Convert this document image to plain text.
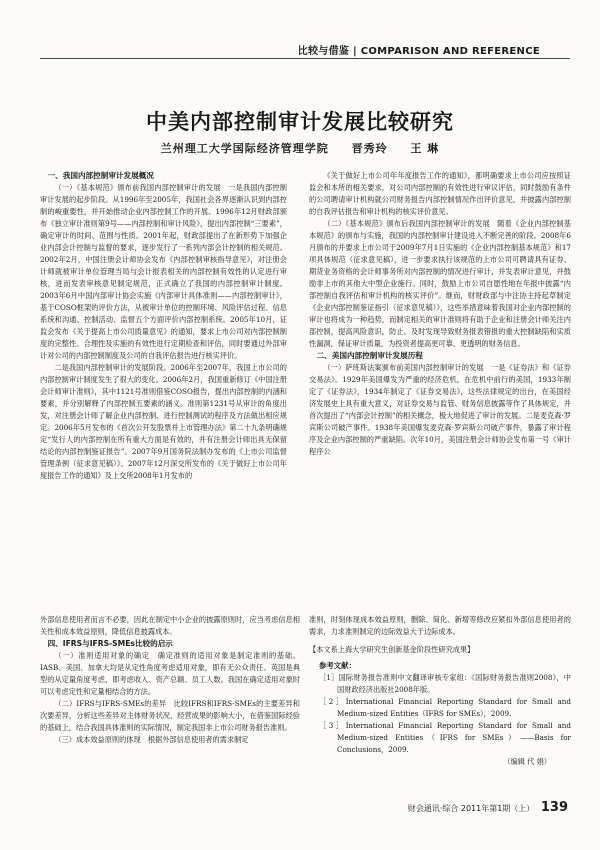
比较与借鉴 | COMPARISON AND REFERENCE
中美内部控制审计发展比较研究
兰州理工大学国际经济管理学院 晋秀玲 王 琳
一、我国内部控制审计发展概况

（一）《基本规范》颁布前我国内部控制审计的发展　一是我国内部控制审计发展的起步阶段。从1996年至2005年，我国社会各界逐渐认识到内部控制的峻重要性，并开始推动企业内部控制工作的开展。1996年12月财政部颁布《独立审计准则第9号——内部控制和审计风险》，提出内部控制“三要素”，确定审计的时间、范围与性质。2001年起，财政部提出了在新形势下加强企业内部会计控制与监督的要求，逐步发行了一系列内部会计控制的相关规范。2002年2月，中国注册会计师协会发布《内部控制审核指导意见》，对注册会计师就被审计单位管理当局与会计报表相关的内部控制有效性的认定进行审核，进而发表审核意见制定规范，正式确立了我国的内部控制审计制度。2003年6月中国内部审计协会实施《内部审计具体准则——内部控制审计》，基于COSO框架的评价方法，从被审计单位的控制环境、风险评估过程、信息系统和沟通、控制活动、监督五个方面评价内部控制系统。2005年10月，证监会发布《关于提高上市公司质量意见》的通知，要求上市公司对内部控制制度的完整性、合理性及实施的有效性进行定期检查和评估，同时要通过外部审计对公司的内部控制制度及公司的自我评估报告进行核实评价。

二是我国内部控制审计的发展阶段。2006年至2007年，我国上市公司的内部控制审计制度发生了很大的变化。2006年2月，我国重新修订《中国注册会计师审计准则》，其中1121号准则借鉴COSO报告，提出内部控制的内涵和要素，并分别解释了内部控制五要素的涵义。准则第1231号从审计的角度出发，对注册会计师了解企业内部控制、进行控制测试的程序及方法做出相应规定。2006年5月发布的《首次公开发股票并上市管理办法》第二十九条明确规定“发行人的内部控制在所有重大方面是有效的，并有注册会计师出具无保留结论的内部控制鉴证报告”。2007年9月国务院法制办发布的《上市公司监督管理条例（征求意见稿）》、2007年12月深交所发布的《关于做好上市公司年度报告工作的通知》及上交所2008年1月发布的

《关于做好上市公司年年度报告工作的通知》，都明确要求上市公司应按照证监会和本所的相关要求，对公司内部控制的有效性进行审议评估，同时鼓励有条件的公司聘请审计机构就公司财务报告内部控制情况作出评价意见，并披露内部控制的自我评估报告和审计机构的核实评价意见。

（二）《基本规范》颁布后我国内部控制审计的发展　随着《企业内部控制基本规范》的颁布与实施，我国的内部控制审计建设进入不断完善的阶段。2008年6月颁布的并要求上市公司于2009年7月1日实施的《企业内部控制基本规范》和17项具体规范（征求意见稿），进一步要求执行该规范的上市公司可聘请具有证券、期货业务资格的会计师事务所对内部控制的情况进行审计，并发表审计意见，并鼓励非上市的其他大中型企业施行。同时，鼓励上市公司自愿性地在年报中披露“内部控制自我评估和审计机构的核实评价”。继而，财财政部与中注协主持起草制定《企业内部控制鉴证指引（征求意见稿）》，这些举措意味着我国对企业内部控制的审计也将成为一种趋势，而制定相关的审计准则将有助于企业和注册会计师关注内部控制，提高风险意识，防止、及时发现导致财务报表错报的重大控制缺陷和实质性漏洞，保证审计质量，为投资者提高更可靠、更透明的财务信息。

二、美国内部控制审计发展历程

（一）萨班斯法案颁布前美国内部控制审计的发展　一是《证券法》和《证券交易法》。1929年美国爆发为严重的经济危机，在危机中前行的美国，1933年制定了《证券法》，1934年制定了《证券交易法》，这些法律规定的出台，在美国经济发展史上具有重大意义，对证券交易与监管、财务信息披露等作了具体规定，并首次提出了“内部会计控制”的相关概念，极大地促进了审计的发展。二是麦克森·罗宾斯公司破产事件。1938年美国爆发麦克森·罗宾斯公司破产事件，暴露了审计程序及企业内部控制的严重缺陷。次年10月，美国注册会计师协会发布第一号《审计程序公

外部信息使用者而言不必要，因此在制定中小企业的披露原则时，应当考虑信息相关性和成本效益原则，降低信息披露成本。

四、IFRS与IFRS-SMEs比较的启示

（一）准则适用对象的确定　确定准则的适用对象是制定准则的基础。IASB、美国、加拿大均是从定性角度考虑适用对象，即有无公众责任。英国是典型的从定量角度考虑，即考虑收入、资产总额、员工人数。我国在确定适用对象时可以考虑定性和定量相结合的方法。

（二）IFRS与IFRS-SMEs的差异　比较IFRS和IFRS-SMEs的主要差异和次要差异，分析这些差异对主体财务状况、经营成果的影响大小，在借鉴国际经验的基础上，结合我国具体准则的实际情况，制定我国非上市公司财务报告准则。

（三）成本效益原则的体现　根据外部信息使用者的需求制定

准则，时刻体现成本效益原则，删除、简化、新增等修改应紧扣外部信息使用者的需求，力求准则制定的边际效益大于边际成本。

【本文系上海大学研究生创新基金阶段性研究成果】
参考文献：
［1］国际财务报告准则中文翻译审核专家组：《国际财务报告准则2008》，中国财政经济出版社2008年版。
［2］International Financial Reporting Standard for Small and Medium-sized Entities（IFRS for SMEs），2009.
［3］International Financial Reporting Standard for Small and Medium-sized Entities（IFRS for SMEs）——Basis for Conclusions，2009.
（编辑 代 娟）
财会通讯·综合 2011年第1期（上） 139
